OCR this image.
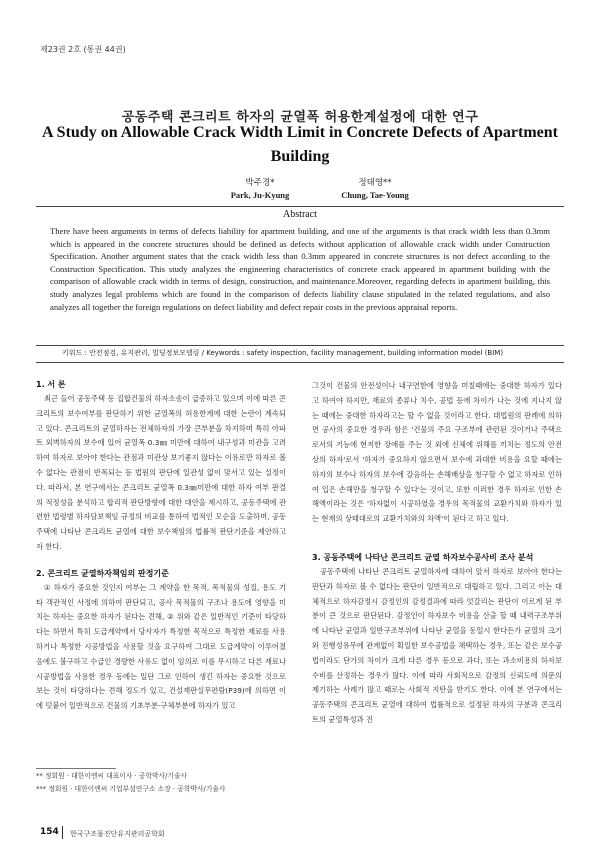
제23권 2호 (통권 44권)
공동주택 콘크리트 하자의 균열폭 허용한계설정에 대한 연구
A Study on Allowable Crack Width Limit in Concrete Defects of Apartment Building
박주경*	정태영**
Park, Ju-Kyung	Chung, Tae-Young
Abstract
There have been arguments in terms of defects liability for apartment building, and one of the arguments is that crack width less than 0.3mm which is appeared in the concrete structures should be defined as defects without application of allowable crack width under Construction Specification. Another argument states that the crack width less than 0.3mm appeared in concrete structures is not defect according to the Construction Specification. This study analyzes the engineering characteristics of concrete crack appeared in apartment building with the comparison of allowable crack width in terms of design, construction, and maintenance.Moreover, regarding defects in apartment building, this study analyzes legal problems which are found in the comparison of defects liability clause stipulated in the related regulations, and also analyzes all together the foreign regulations on defect liability and defect repair costs in the previous appraisal reports.
키워드 : 안전점검, 유지관리, 빌딩정보모델링 / Keywords : safety inspection, facility management, building information model (BIM)
1. 서 론

최근 들어 공동주택 등 집합건물의 하자소송이 급증하고 있으며 이에 따른 콘크리트의 보수여부를 판단하기 위한 균열폭의 허용한계에 대한 논란이 계속되고 있다. 콘크리트의 균열하자는 전체하자의 가장 큰부분을 차지하며 특히 아파트 외벽하자의 보수에 있어 균열폭 0.3㎜ 미만에 대하여 내구성과 미관을 고려하여 하자로 보아야 한다는 관점과 미관상 보기좋지 않다는 이유로만 하자로 볼 수 없다는 관점이 반목되는 등 법원의 판단에 일관성 없이 맞서고 있는 실정이다. 따라서, 본 연구에서는 콘크리트 균열폭 0.3㎜미만에 대한 하자 여부 판결의 적정성을 분석하고 합리적 판단방향에 대한 대안을 제시하고, 공동주택에 관련한 법령별 하자담보책임 규정의 비교를 통하여 법적인 모순을 도출하며, 공동주택에 나타난 콘크리트 균열에 대한 보수책임의 법률적 판단기준을 제안하고자 한다.

2. 콘크리트 균열하자책임의 판정기준

① 하자가 중요한 것인지 여부는 그 계약을 한 목적, 목적물의 성질, 용도 기타 객관적인 사정에 의하여 판단되고, 공사 목적물의 구조나 용도에 영향을 미치는 하자는 중요한 하자가 된다는 견해, ② 위와 같은 일반적인 기준이 타당하다는 하면서 특히 도급계약에서 당사자가 특정한 목적으로 특정한 재료를 사용하거나 특정한 시공방법을 사용할 것을 요구하여 그대로 도급계약이 이루어졌음에도 불구하고 수급인 경량한 사유도 없이 임의로 이를 무시하고 다른 재료나 시공방법을 사용한 경우 등에는 일단 그로 인하여 생긴 하자는 중요한 것으로 보는 것이 타당하다는 견해 정도가 있고, 건설재판실무편람(P39)에 의하면 이에 덧붙어 일반적으로 건물의 기초부분·구체부분에 하자가 있고

그것이 건물의 안전성이나 내구연한에 영향을 미칠때에는 중대한 하자가 있다고 하여야 하지만, 재료의 종류나 치수, 공법 등에 차이가 나는 것에 지나지 않는 때에는 중대한 하자라고는 할 수 없을 것이라고 한다. 대법원의 판례에 의하면 공사의 중요한 경우라 함은 '건물의 주요 구조부에 관련된 것이거나 주택으로서의 기능에 현저한 장애를 주는 것 외에 신체에 위해를 끼치는 정도의 안전상의 하자'로서 '하자가 중요하지 않으면서 보수에 과대한 비용을 요할 때에는 하자의 보수나 하자의 보수에 갈음하는 손해배상을 청구할 수 없고 하자로 인하여 입은 손해만을 청구할 수 있다'는 것이고, 또한 이러한 경우 하자로 인한 손해액이라는 것은 '하자없이 시공하였을 경우의 목적물의 교환가치와 하자가 있는 현재의 상태대로의 교환가치와의 차액'이 된다고 하고 있다.

3. 공동주택에 나타난 콘크리트 균열 하자보수공사비 조사 분석

공동주택에 나타난 콘크리트 균열하자에 대하여 앞서 하자로 보아야 한다는 판단과 하자로 볼 수 없다는 판단이 일반적으로 대립하고 있다. 그리고 이는 대체적으로 하자감정시 감정인의 감정결과에 따라 엇갈리는 판단이 이르게 된 부분이 큰 것으로 판단된다. 감정인이 하자보수 비용을 산출 할 때 내력구조부위에 나타난 균열과 일반구조부위에 나타난 균열을 동일시 한다든가 균열의 크기와 진행성유무에 관계없이 획일한 보수공법을 채택하는 경우, 또는 같은 보수공법이라도 단가의 차이가 크게 다른 경우 등으로 과다, 또는 과소비용의 하자보수비를 산정하는 경우가 많다. 이에 따라 사회적으로 감정의 신뢰도에 의문의 제기하는 사례가 많고 때로는 사회적 지탄을 받기도 한다. 이에 본 연구에서는 공동주택의 콘크리트 균열에 대하여 법률적으로 설정된 하자의 구분과 콘크리트의 균열특성과 진

** 정회원 · 대한이엔씨 대표이사 · 공학박사/기술사
*** 정회원 · 대한이엔씨 기업부설연구소 소장 · 공학박사/기술사
154 한국구조물진단유지관리공학회
